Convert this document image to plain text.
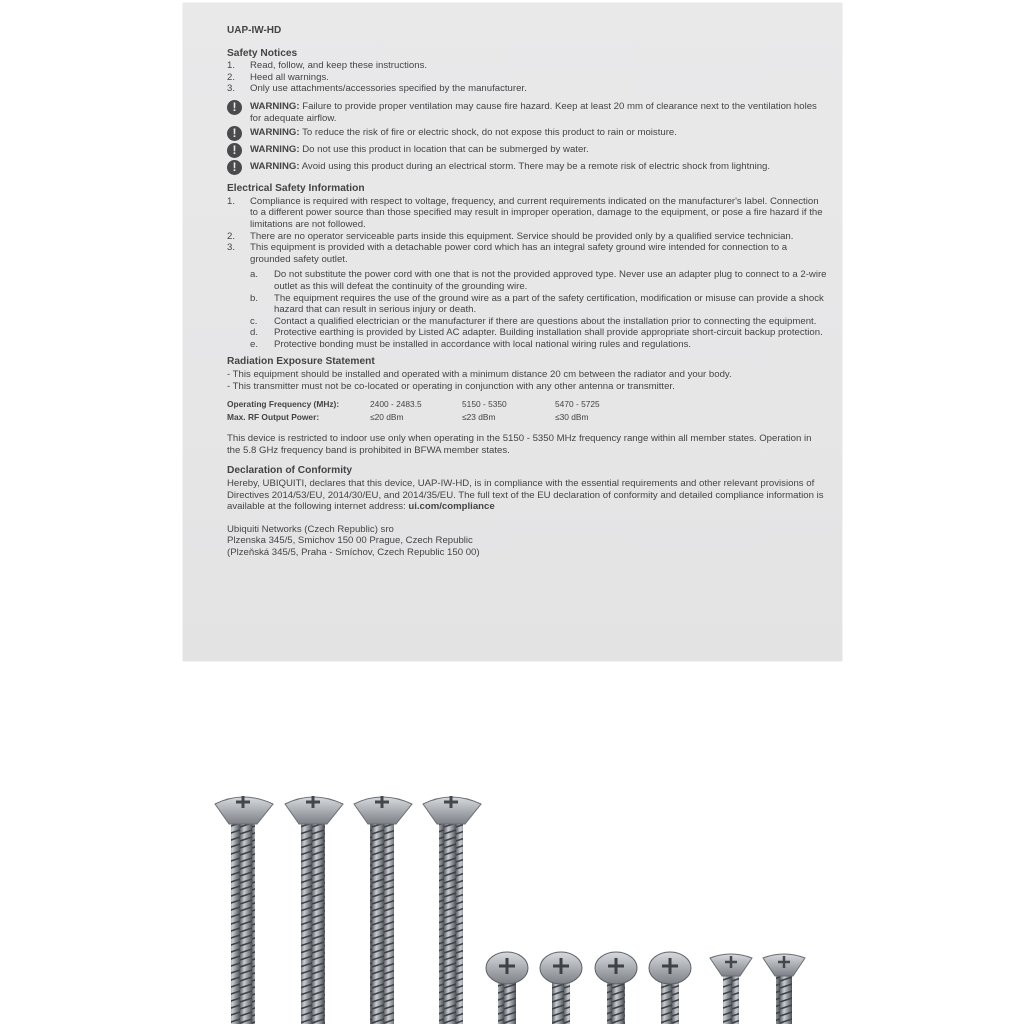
UAP-IW-HD
Safety Notices
1.	Read, follow, and keep these instructions.
2.	Heed all warnings.
3.	Only use attachments/accessories specified by the manufacturer.
!	WARNING: Failure to provide proper ventilation may cause fire hazard. Keep at least 20 mm of clearance next to the ventilation holes for adequate airflow.
!	WARNING: To reduce the risk of fire or electric shock, do not expose this product to rain or moisture.
!	WARNING: Do not use this product in location that can be submerged by water.
!	WARNING: Avoid using this product during an electrical storm. There may be a remote risk of electric shock from lightning.
Electrical Safety Information
1.	Compliance is required with respect to voltage, frequency, and current requirements indicated on the manufacturer's label. Connection to a different power source than those specified may result in improper operation, damage to the equipment, or pose a fire hazard if the limitations are not followed.
2.	There are no operator serviceable parts inside this equipment. Service should be provided only by a qualified service technician.
3.	This equipment is provided with a detachable power cord which has an integral safety ground wire intended for connection to a grounded safety outlet.
a.	Do not substitute the power cord with one that is not the provided approved type. Never use an adapter plug to connect to a 2-wire outlet as this will defeat the continuity of the grounding wire.
b.	The equipment requires the use of the ground wire as a part of the safety certification, modification or misuse can provide a shock hazard that can result in serious injury or death.
c.	Contact a qualified electrician or the manufacturer if there are questions about the installation prior to connecting the equipment.
d.	Protective earthing is provided by Listed AC adapter. Building installation shall provide appropriate short-circuit backup protection.
e.	Protective bonding must be installed in accordance with local national wiring rules and regulations.
Radiation Exposure Statement
- This equipment should be installed and operated with a minimum distance 20 cm between the radiator and your body.
- This transmitter must not be co-located or operating in conjunction with any other antenna or transmitter.
Operating Frequency (MHz):	2400 - 2483.5	5150 - 5350	5470 - 5725
Max. RF Output Power:	≤20 dBm	≤23 dBm	≤30 dBm
This device is restricted to indoor use only when operating in the 5150 - 5350 MHz frequency range within all member states. Operation in the 5.8 GHz frequency band is prohibited in BFWA member states.
Declaration of Conformity
Hereby, UBIQUITI, declares that this device, UAP-IW-HD, is in compliance with the essential requirements and other relevant provisions of Directives 2014/53/EU, 2014/30/EU, and 2014/35/EU. The full text of the EU declaration of conformity and detailed compliance information is available at the following internet address: ui.com/compliance
Ubiquiti Networks (Czech Republic) sro
Plzenska 345/5, Smichov 150 00 Prague, Czech Republic
(Plzeňská 345/5, Praha - Smíchov, Czech Republic 150 00)
